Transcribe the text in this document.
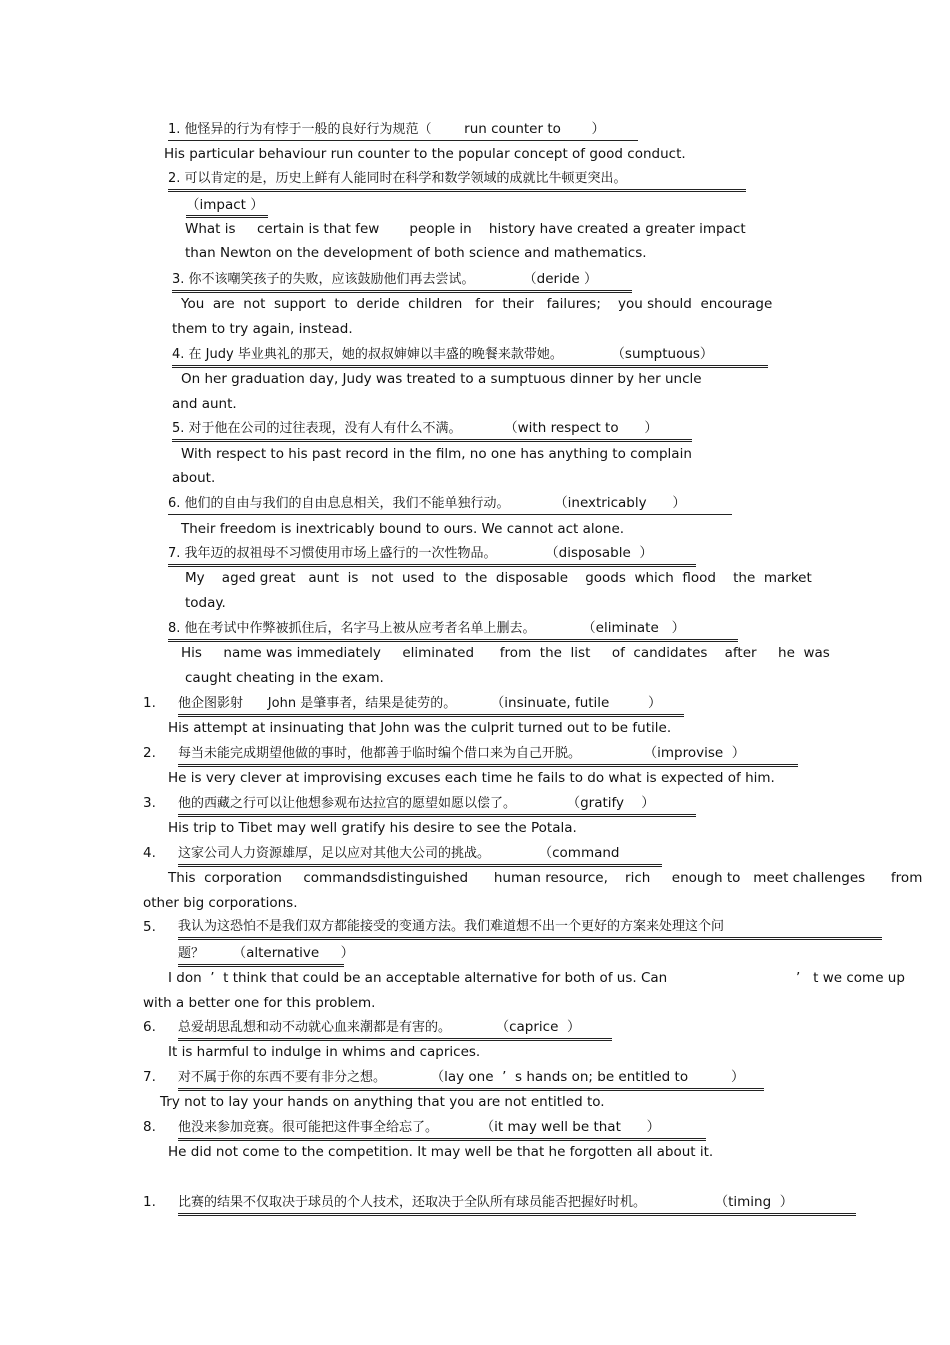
1. 他怪异的行为有悖于一般的良好行为规范（ run counter to ）
His particular behaviour run counter to the popular concept of good conduct.
2. 可以肯定的是，历史上鲜有人能同时在科学和数学领域的成就比牛顿更突出。
（impact ）
What is     certain is that few       people in    history have created a greater impact
than Newton on the development of both science and mathematics.
3. 你不该嘲笑孩子的失败，应该鼓励他们再去尝试。	（deride ）
You  are  not  support  to  deride  children   for  their   failures;    you should  encourage
them to try again, instead.
4. 在 Judy 毕业典礼的那天，她的叔叔婶婶以丰盛的晚餐来款带她。	（sumptuous）
On her graduation day, Judy was treated to a sumptuous dinner by her uncle
and aunt.
5. 对于他在公司的过往表现，没有人有什么不满。	（with respect to      ）
With respect to his past record in the film, no one has anything to complain
about.
6. 他们的自由与我们的自由息息相关，我们不能单独行动。	（inextricably      ）
Their freedom is inextricably bound to ours. We cannot act alone.
7. 我年迈的叔祖母不习惯使用市场上盛行的一次性物品。	（disposable  ）
My    aged great   aunt  is   not  used  to  the  disposable    goods  which  flood    the  market
today.
8. 他在考试中作弊被抓住后，名字马上被从应考者名单上删去。	（eliminate   ）
His     name was immediately     eliminated      from  the  list     of  candidates    after     he  was
caught cheating in the exam.
1. 他企图影射      John 是肇事者，结果是徒劳的。	（insinuate, futile         ）
His attempt at insinuating that John was the culprit turned out to be futile.
2. 每当未能完成期望他做的事时，他都善于临时编个借口来为自己开脱。	（improvise  ）
He is very clever at improvising excuses each time he fails to do what is expected of him.
3. 他的西藏之行可以让他想参观布达拉宫的愿望如愿以偿了。	（gratify    ）
His trip to Tibet may well gratify his desire to see the Potala.
4. 这家公司人力资源雄厚，足以应对其他大公司的挑战。	（command
This  corporation     commandsdistinguished      human resource,    rich     enough to   meet challenges      from
other big corporations.
5. 我认为这恐怕不是我们双方都能接受的变通方法。我们难道想不出一个更好的方案来处理这个问
题？ （alternative     ）
I don  ’  t think that could be an acceptable alternative for both of us. Can                              ’   t we come up
with a better one for this problem.
6. 总爱胡思乱想和动不动就心血来潮都是有害的。	（caprice  ）
It is harmful to indulge in whims and caprices.
7. 对不属于你的东西不要有非分之想。	（lay one  ’  s hands on; be entitled to          ）
Try not to lay your hands on anything that you are not entitled to.
8. 他没来参加竞赛。很可能把这件事全给忘了。	（it may well be that      ）
He did not come to the competition. It may well be that he forgotten all about it.
1. 比赛的结果不仅取决于球员的个人技术，还取决于全队所有球员能否把握好时机。	（timing  ）
